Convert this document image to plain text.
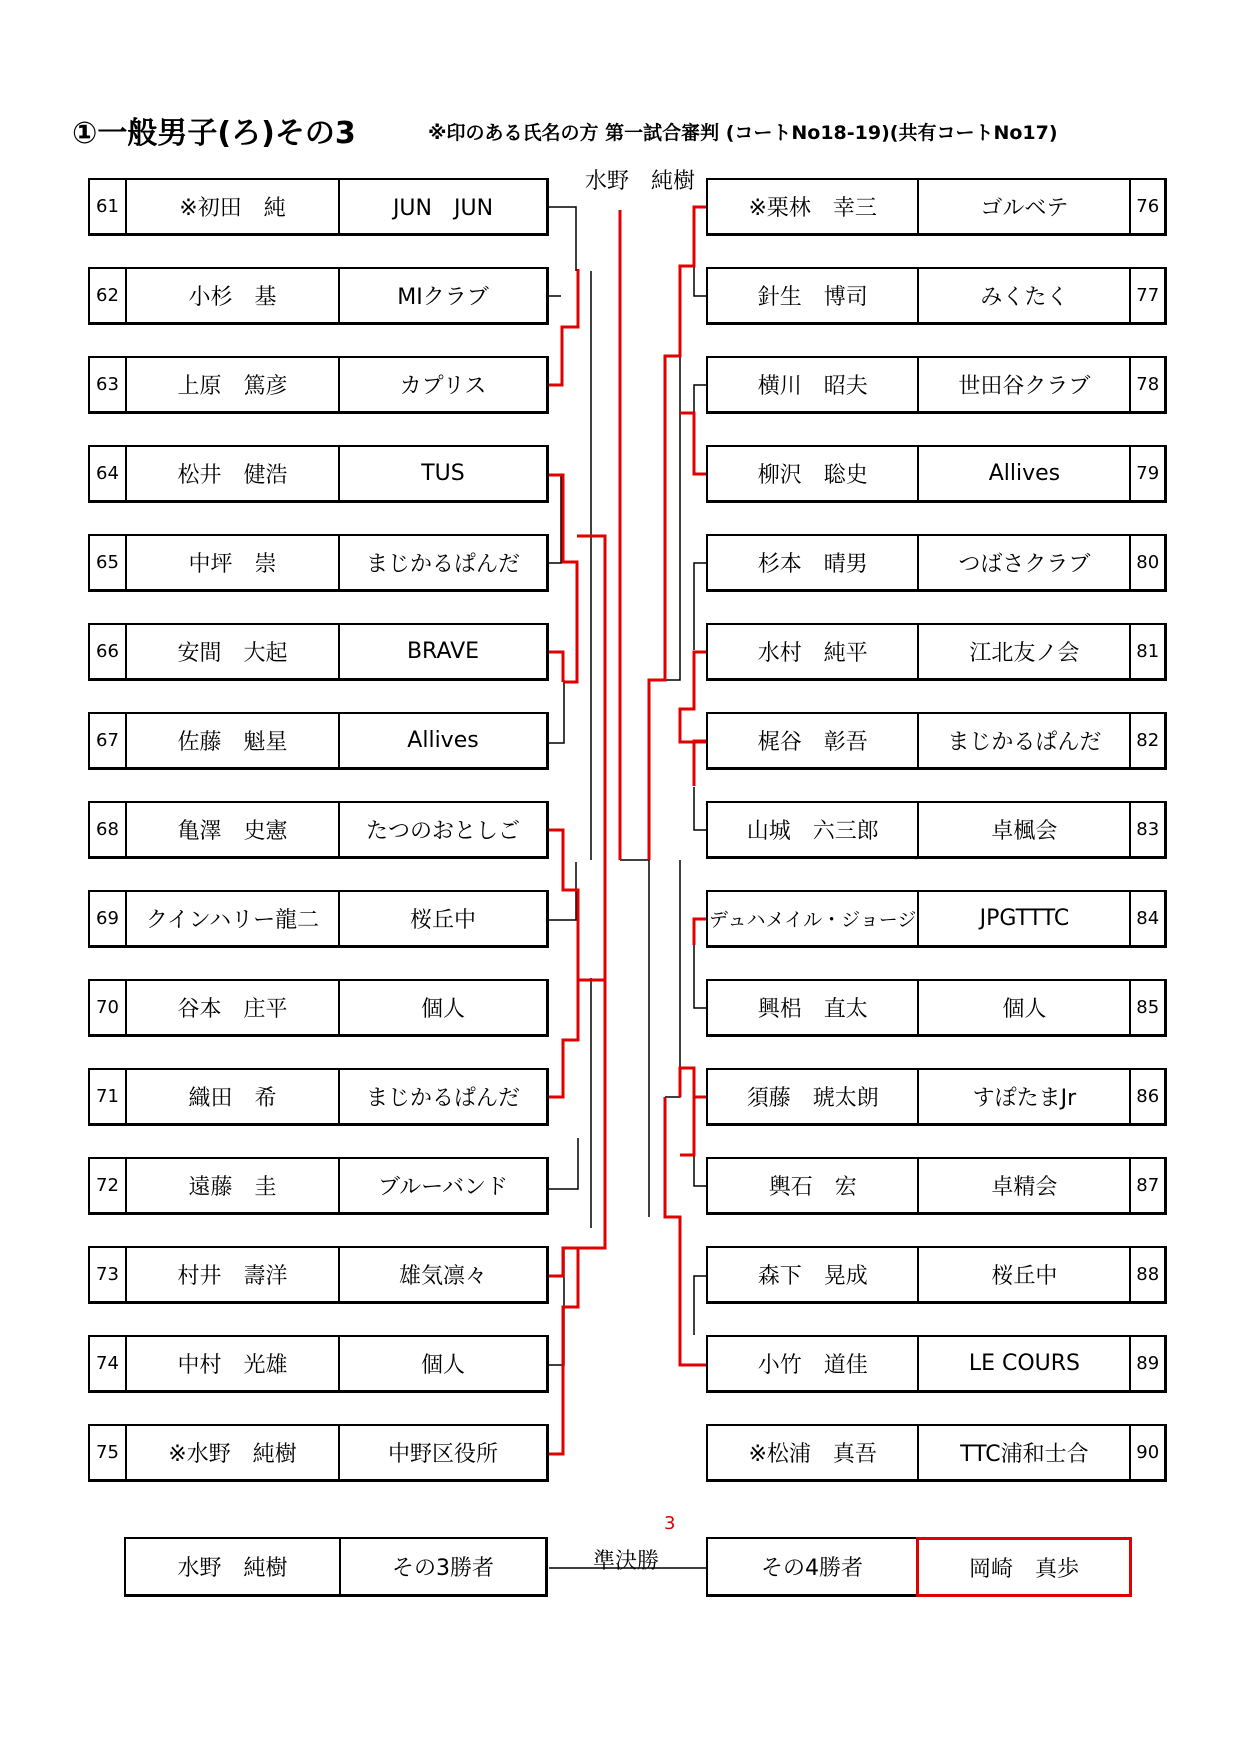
①一般男子(ろ)その3	※印のある氏名の方 第一試合審判 (コートNo18-19)(共有コートNo17)
水野　純樹
61	※初田　純	JUN　JUN
62	小杉　基	MIクラブ
63	上原　篤彦	カプリス
64	松井　健浩	TUS
65	中坪　崇	まじかるぱんだ
66	安間　大起	BRAVE
67	佐藤　魁星	Allives
68	亀澤　史憲	たつのおとしご
69	クインハリー龍二	桜丘中
70	谷本　庄平	個人
71	織田　希	まじかるぱんだ
72	遠藤　圭	ブルーバンド
73	村井　壽洋	雄気凛々
74	中村　光雄	個人
75	※水野　純樹	中野区役所
※栗林　幸三	ゴルベテ	76
針生　博司	みくたく	77
横川　昭夫	世田谷クラブ	78
柳沢　聡史	Allives	79
杉本　晴男	つばさクラブ	80
水村　純平	江北友ノ会	81
梶谷　彰吾	まじかるぱんだ	82
山城　六三郎	卓楓会	83
デュハメイル・ジョージ	JPGTTTC	84
興梠　直太	個人	85
須藤　琥太朗	すぽたまJr	86
輿石　宏	卓精会	87
森下　晃成	桜丘中	88
小竹　道佳	LE COURS	89
※松浦　真吾	TTC浦和士合	90
水野　純樹	その3勝者
3
準決勝	その4勝者	岡崎　真歩
